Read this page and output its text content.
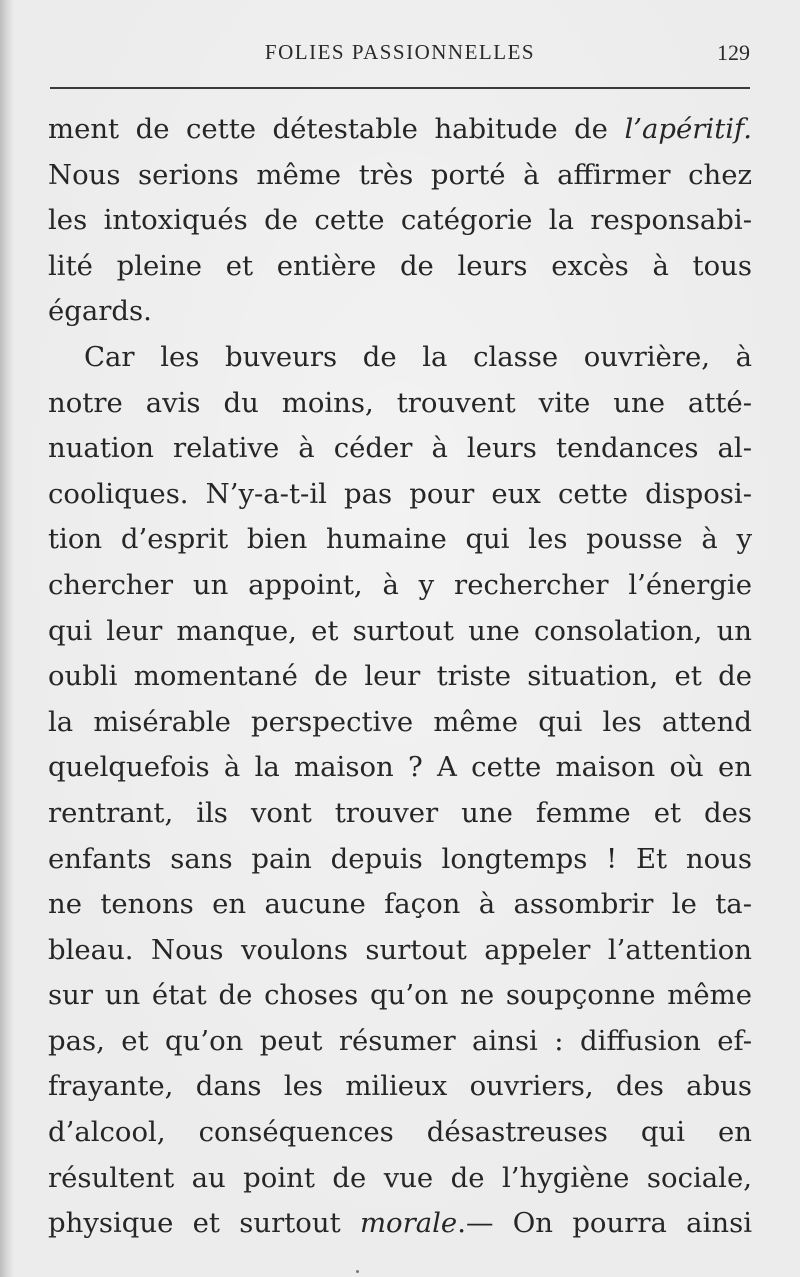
FOLIES PASSIONNELLES	129
ment de cette détestable habitude de l’apéritif.
Nous serions même très porté à affirmer chez
les intoxiqués de cette catégorie la responsabi-
lité pleine et entière de leurs excès à tous
égards.
Car les buveurs de la classe ouvrière, à
notre avis du moins, trouvent vite une atté-
nuation relative à céder à leurs tendances al-
cooliques. N’y-a-t-il pas pour eux cette disposi-
tion d’esprit bien humaine qui les pousse à y
chercher un appoint, à y rechercher l’énergie
qui leur manque, et surtout une consolation, un
oubli momentané de leur triste situation, et de
la misérable perspective même qui les attend
quelquefois à la maison ? A cette maison où en
rentrant, ils vont trouver une femme et des
enfants sans pain depuis longtemps ! Et nous
ne tenons en aucune façon à assombrir le ta-
bleau. Nous voulons surtout appeler l’attention
sur un état de choses qu’on ne soupçonne même
pas, et qu’on peut résumer ainsi : diffusion ef-
frayante, dans les milieux ouvriers, des abus
d’alcool, conséquences désastreuses qui en
résultent au point de vue de l’hygiène sociale,
physique et surtout morale.— On pourra ainsi
